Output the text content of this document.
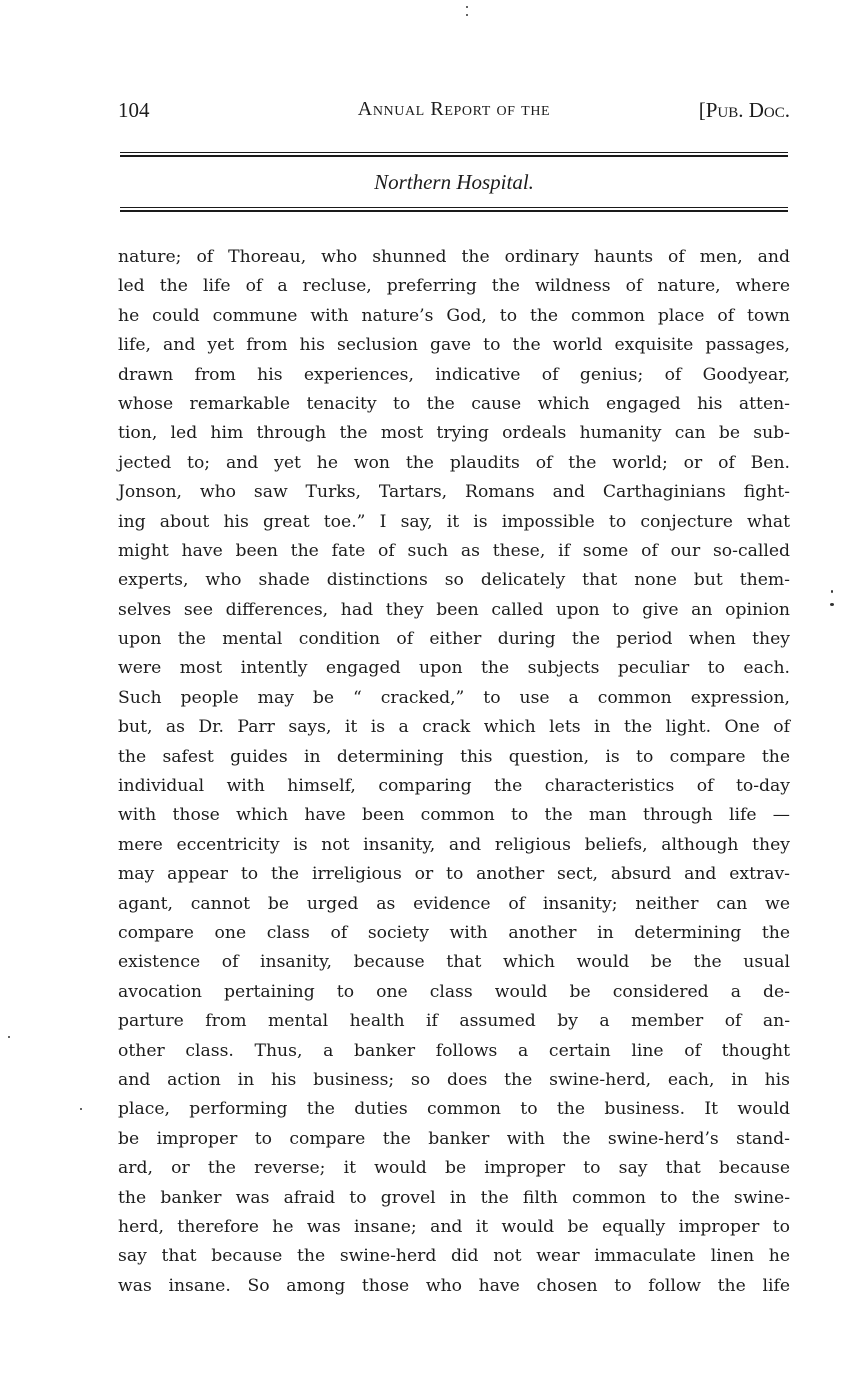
104	Annual Report of the	[Pub. Doc.
Northern Hospital.
nature; of Thoreau, who shunned the ordinary haunts of men, and
led the life of a recluse, preferring the wildness of nature, where
he could commune with nature’s God, to the common place of town
life, and yet from his seclusion gave to the world exquisite passages,
drawn from his experiences, indicative of genius; of Goodyear,
whose remarkable tenacity to the cause which engaged his atten-
tion, led him through the most trying ordeals humanity can be sub-
jected to; and yet he won the plaudits of the world; or of Ben.
Jonson, who saw Turks, Tartars, Romans and Carthaginians fight-
ing about his great toe.” I say, it is impossible to conjecture what
might have been the fate of such as these, if some of our so-called
experts, who shade distinctions so delicately that none but them-
selves see differences, had they been called upon to give an opinion
upon the mental condition of either during the period when they
were most intently engaged upon the subjects peculiar to each.
Such people may be “ cracked,” to use a common expression,
but, as Dr. Parr says, it is a crack which lets in the light. One of
the safest guides in determining this question, is to compare the
individual with himself, comparing the characteristics of to-day
with those which have been common to the man through life —
mere eccentricity is not insanity, and religious beliefs, although they
may appear to the irreligious or to another sect, absurd and extrav-
agant, cannot be urged as evidence of insanity; neither can we
compare one class of society with another in determining the
existence of insanity, because that which would be the usual
avocation pertaining to one class would be considered a de-
parture from mental health if assumed by a member of an-
other class. Thus, a banker follows a certain line of thought
and action in his business; so does the swine-herd, each, in his
place, performing the duties common to the business. It would
be improper to compare the banker with the swine-herd’s stand-
ard, or the reverse; it would be improper to say that because
the banker was afraid to grovel in the filth common to the swine-
herd, therefore he was insane; and it would be equally improper to
say that because the swine-herd did not wear immaculate linen he
was insane. So among those who have chosen to follow the life
